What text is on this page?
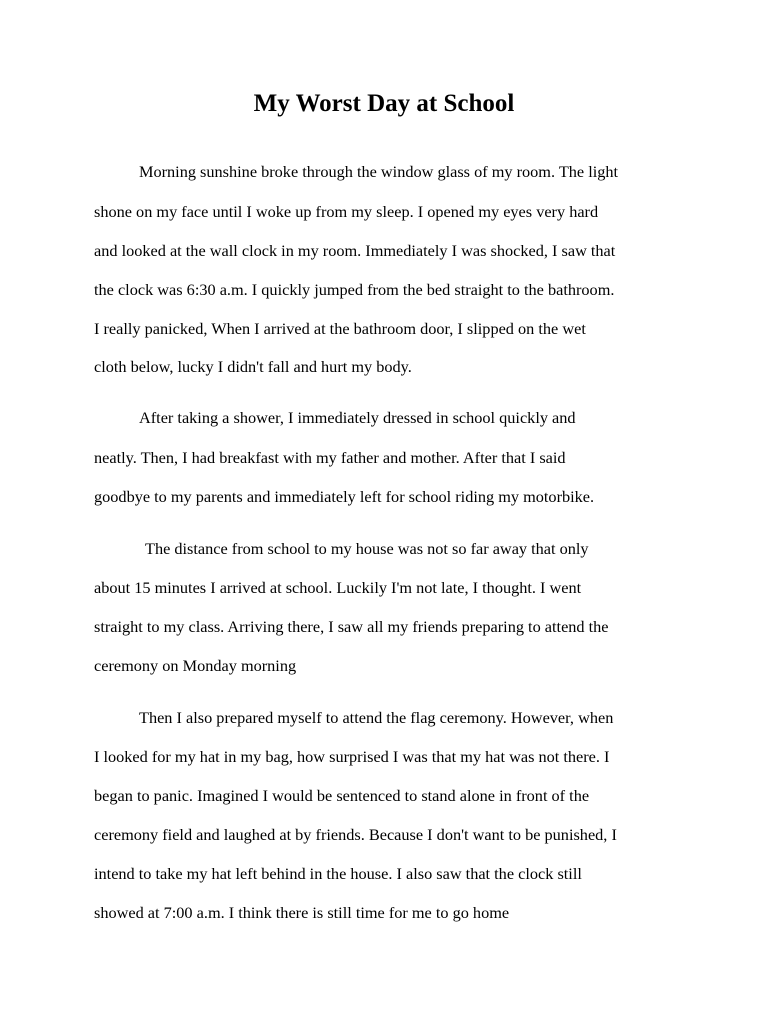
My Worst Day at School

Morning sunshine broke through the window glass of my room. The light

shone on my face until I woke up from my sleep. I opened my eyes very hard

and looked at the wall clock in my room. Immediately I was shocked, I saw that

the clock was 6:30 a.m. I quickly jumped from the bed straight to the bathroom.

I really panicked, When I arrived at the bathroom door, I slipped on the wet

cloth below, lucky I didn't fall and hurt my body.

After taking a shower, I immediately dressed in school quickly and

neatly. Then, I had breakfast with my father and mother. After that I said

goodbye to my parents and immediately left for school riding my motorbike.

The distance from school to my house was not so far away that only

about 15 minutes I arrived at school. Luckily I'm not late, I thought. I went

straight to my class. Arriving there, I saw all my friends preparing to attend the

ceremony on Monday morning

Then I also prepared myself to attend the flag ceremony. However, when

I looked for my hat in my bag, how surprised I was that my hat was not there. I

began to panic. Imagined I would be sentenced to stand alone in front of the

ceremony field and laughed at by friends. Because I don't want to be punished, I

intend to take my hat left behind in the house. I also saw that the clock still

showed at 7:00 a.m. I think there is still time for me to go home
